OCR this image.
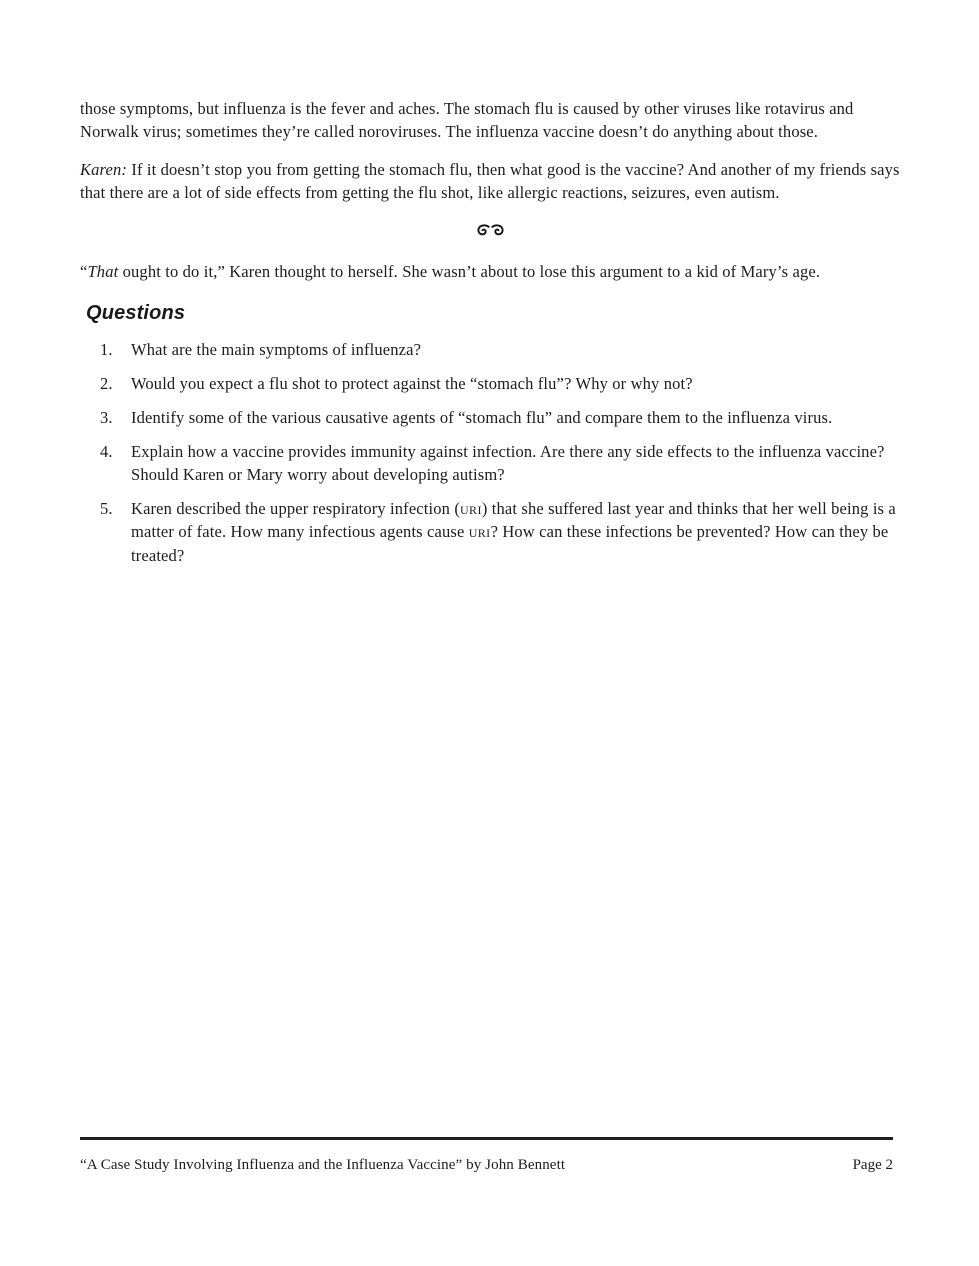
those symptoms, but influenza is the fever and aches. The stomach flu is caused by other viruses like rotavirus and Norwalk virus; sometimes they’re called noroviruses. The influenza vaccine doesn’t do anything about those.

Karen: If it doesn’t stop you from getting the stomach flu, then what good is the vaccine? And another of my friends says that there are a lot of side effects from getting the flu shot, like allergic reactions, seizures, even autism.

“That ought to do it,” Karen thought to herself. She wasn’t about to lose this argument to a kid of Mary’s age.

Questions
1.	What are the main symptoms of influenza?
2.	Would you expect a flu shot to protect against the “stomach flu”? Why or why not?
3.	Identify some of the various causative agents of “stomach flu” and compare them to the influenza virus.
4.	Explain how a vaccine provides immunity against infection. Are there any side effects to the influenza vaccine? Should Karen or Mary worry about developing autism?
5.	Karen described the upper respiratory infection (uri) that she suffered last year and thinks that her well being is a matter of fate. How many infectious agents cause uri? How can these infections be prevented? How can they be treated?
“A Case Study Involving Influenza and the Influenza Vaccine” by John Bennett	Page 2
